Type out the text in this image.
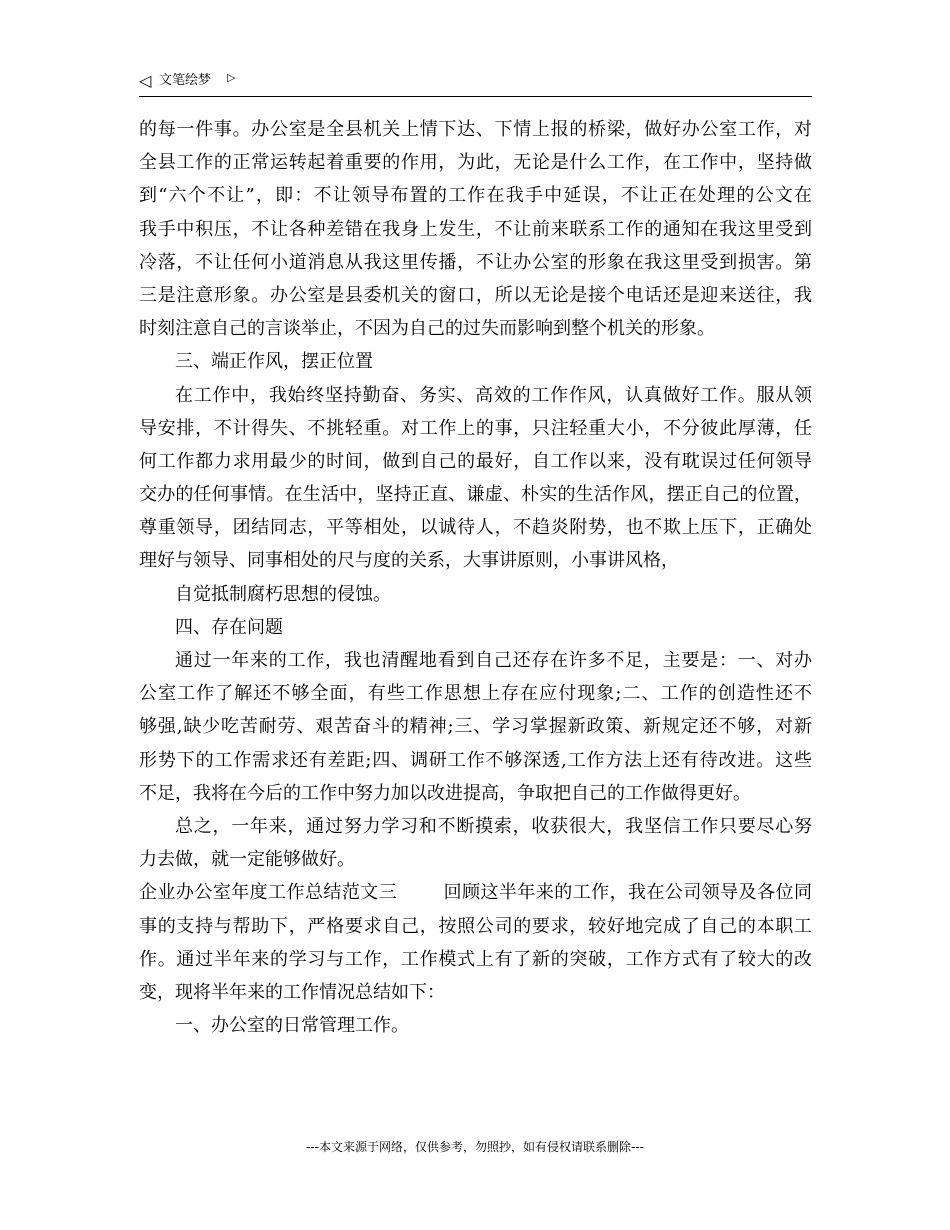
◁ 文笔绘梦 ▷
的每一件事。办公室是全县机关上情下达、下情上报的桥梁，做好办公室工作，对
全县工作的正常运转起着重要的作用，为此，无论是什么工作，在工作中，坚持做
到“六个不让”，即：不让领导布置的工作在我手中延误，不让正在处理的公文在
我手中积压，不让各种差错在我身上发生，不让前来联系工作的通知在我这里受到
冷落，不让任何小道消息从我这里传播，不让办公室的形象在我这里受到损害。第
三是注意形象。办公室是县委机关的窗口，所以无论是接个电话还是迎来送往，我
时刻注意自己的言谈举止，不因为自己的过失而影响到整个机关的形象。
三、端正作风，摆正位置
在工作中，我始终坚持勤奋、务实、高效的工作作风，认真做好工作。服从领
导安排，不计得失、不挑轻重。对工作上的事，只注轻重大小，不分彼此厚薄，任
何工作都力求用最少的时间，做到自己的最好，自工作以来，没有耽误过任何领导
交办的任何事情。在生活中，坚持正直、谦虚、朴实的生活作风，摆正自己的位置，
尊重领导，团结同志，平等相处，以诚待人，不趋炎附势，也不欺上压下，正确处
理好与领导、同事相处的尺与度的关系，大事讲原则，小事讲风格，
自觉抵制腐朽思想的侵蚀。
四、存在问题
通过一年来的工作，我也清醒地看到自己还存在许多不足，主要是：一、对办
公室工作了解还不够全面，有些工作思想上存在应付现象;二、工作的创造性还不
够强,缺少吃苦耐劳、艰苦奋斗的精神;三、学习掌握新政策、新规定还不够，对新
形势下的工作需求还有差距;四、调研工作不够深透,工作方法上还有待改进。这些
不足，我将在今后的工作中努力加以改进提高，争取把自己的工作做得更好。
总之，一年来，通过努力学习和不断摸索，收获很大，我坚信工作只要尽心努
力去做，就一定能够做好。
企业办公室年度工作总结范文三	回顾这半年来的工作，我在公司领导及各位同
事的支持与帮助下，严格要求自己，按照公司的要求，较好地完成了自己的本职工
作。通过半年来的学习与工作，工作模式上有了新的突破，工作方式有了较大的改
变，现将半年来的工作情况总结如下：
一、办公室的日常管理工作。
---本文来源于网络，仅供参考，勿照抄，如有侵权请联系删除---
